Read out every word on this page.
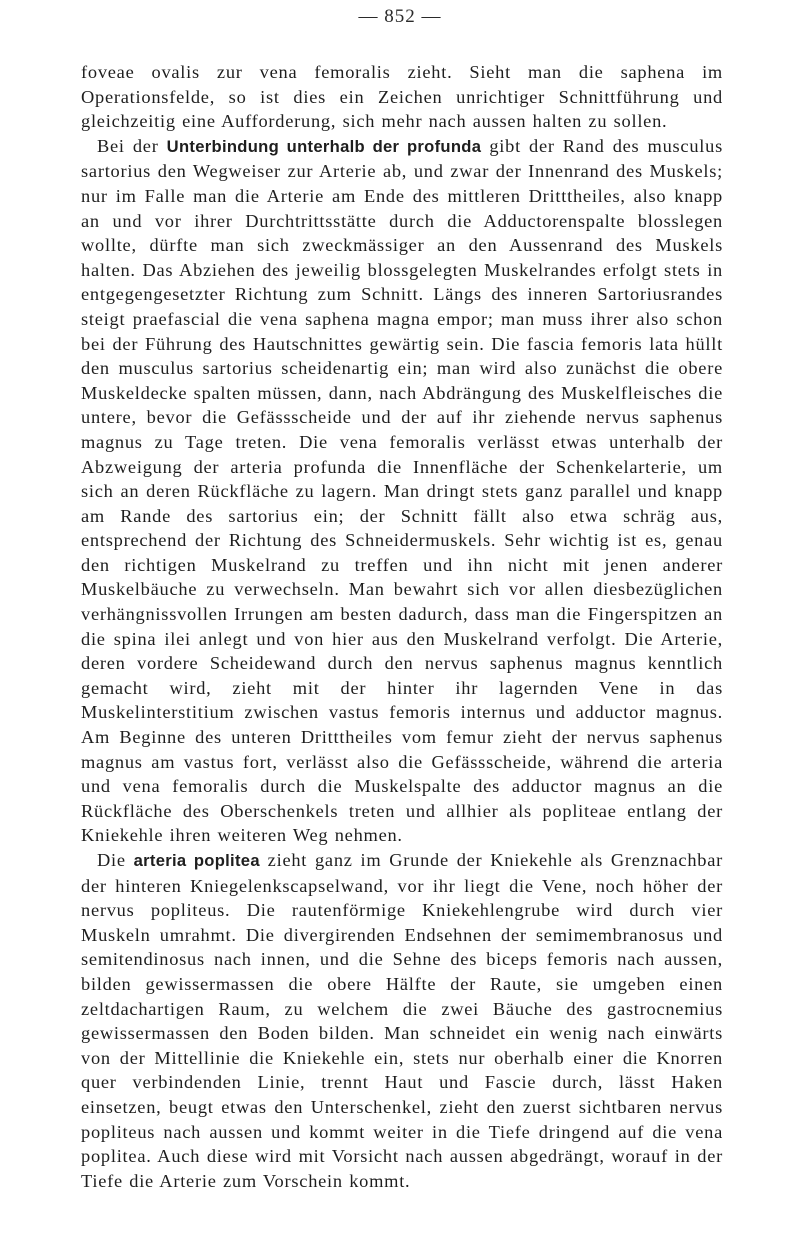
— 852 —

foveae ovalis zur vena femoralis zieht. Sieht man die saphena im Operationsfelde, so ist dies ein Zeichen unrichtiger Schnittführung und gleichzeitig eine Aufforderung, sich mehr nach aussen halten zu sollen.

Bei der Unterbindung unterhalb der profunda gibt der Rand des musculus sartorius den Wegweiser zur Arterie ab, und zwar der Innenrand des Muskels; nur im Falle man die Arterie am Ende des mittleren Dritttheiles, also knapp an und vor ihrer Durchtrittsstätte durch die Adductorenspalte blosslegen wollte, dürfte man sich zweckmässiger an den Aussenrand des Muskels halten. Das Abziehen des jeweilig blossgelegten Muskelrandes erfolgt stets in entgegengesetzter Richtung zum Schnitt. Längs des inneren Sartoriusrandes steigt praefascial die vena saphena magna empor; man muss ihrer also schon bei der Führung des Hautschnittes gewärtig sein. Die fascia femoris lata hüllt den musculus sartorius scheidenartig ein; man wird also zunächst die obere Muskeldecke spalten müssen, dann, nach Abdrängung des Muskelfleisches die untere, bevor die Gefässscheide und der auf ihr ziehende nervus saphenus magnus zu Tage treten. Die vena femoralis verlässt etwas unterhalb der Abzweigung der arteria profunda die Innenfläche der Schenkelarterie, um sich an deren Rückfläche zu lagern. Man dringt stets ganz parallel und knapp am Rande des sartorius ein; der Schnitt fällt also etwa schräg aus, entsprechend der Richtung des Schneidermuskels. Sehr wichtig ist es, genau den richtigen Muskelrand zu treffen und ihn nicht mit jenen anderer Muskelbäuche zu verwechseln. Man bewahrt sich vor allen diesbezüglichen verhängnissvollen Irrungen am besten dadurch, dass man die Fingerspitzen an die spina ilei anlegt und von hier aus den Muskelrand verfolgt. Die Arterie, deren vordere Scheidewand durch den nervus saphenus magnus kenntlich gemacht wird, zieht mit der hinter ihr lagernden Vene in das Muskelinterstitium zwischen vastus femoris internus und adductor magnus. Am Beginne des unteren Dritttheiles vom femur zieht der nervus saphenus magnus am vastus fort, verlässt also die Gefässscheide, während die arteria und vena femoralis durch die Muskelspalte des adductor magnus an die Rückfläche des Oberschenkels treten und allhier als popliteae entlang der Kniekehle ihren weiteren Weg nehmen.

Die arteria poplitea zieht ganz im Grunde der Kniekehle als Grenznachbar der hinteren Kniegelenkscapselwand, vor ihr liegt die Vene, noch höher der nervus popliteus. Die rautenförmige Kniekehlengrube wird durch vier Muskeln umrahmt. Die divergirenden Endsehnen der semimembranosus und semitendinosus nach innen, und die Sehne des biceps femoris nach aussen, bilden gewissermassen die obere Hälfte der Raute, sie umgeben einen zeltdachartigen Raum, zu welchem die zwei Bäuche des gastrocnemius gewissermassen den Boden bilden. Man schneidet ein wenig nach einwärts von der Mittellinie die Kniekehle ein, stets nur oberhalb einer die Knorren quer verbindenden Linie, trennt Haut und Fascie durch, lässt Haken einsetzen, beugt etwas den Unterschenkel, zieht den zuerst sichtbaren nervus popliteus nach aussen und kommt weiter in die Tiefe dringend auf die vena poplitea. Auch diese wird mit Vorsicht nach aussen abgedrängt, worauf in der Tiefe die Arterie zum Vorschein kommt.
